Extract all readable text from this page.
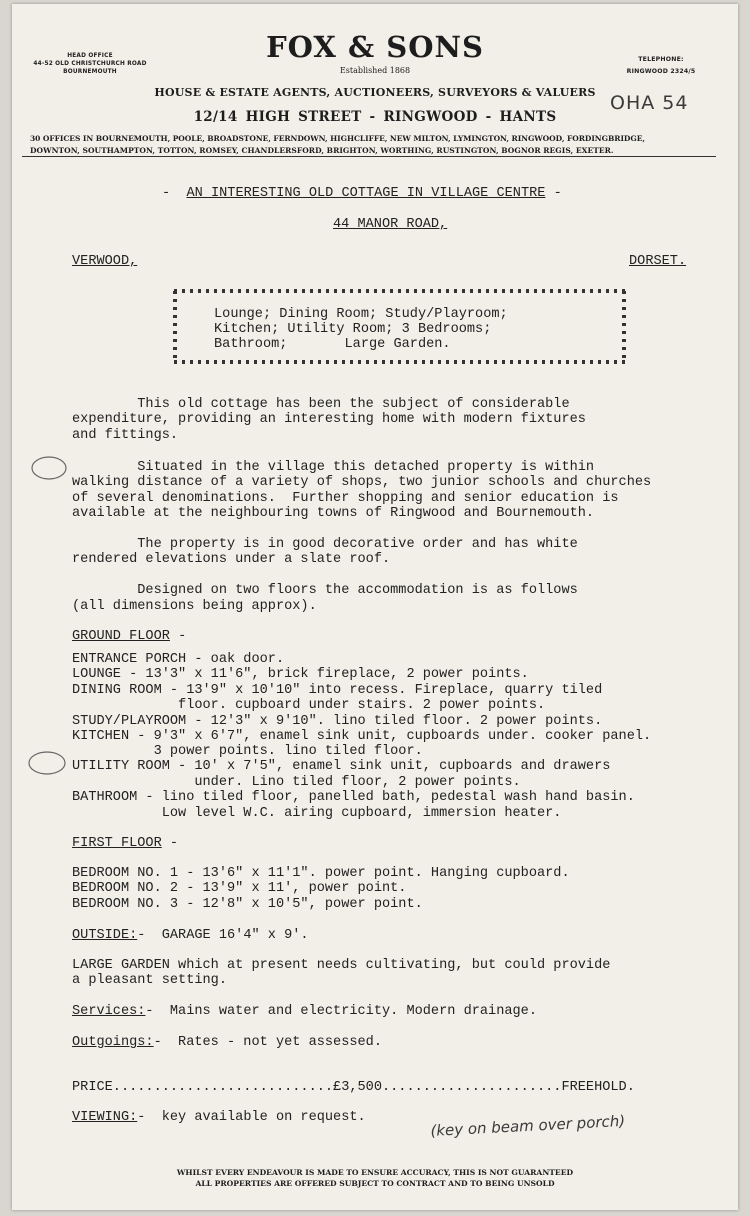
HEAD OFFICE
44-52 OLD CHRISTCHURCH ROAD
BOURNEMOUTH
FOX & SONS
Established 1868
TELEPHONE:
RINGWOOD 2324/5
OHA 54
HOUSE & ESTATE AGENTS, AUCTIONEERS, SURVEYORS & VALUERS
12/14 HIGH STREET - RINGWOOD - HANTS
30 OFFICES IN BOURNEMOUTH, POOLE, BROADSTONE, FERNDOWN, HIGHCLIFFE, NEW MILTON, LYMINGTON, RINGWOOD, FORDINGBRIDGE,
DOWNTON, SOUTHAMPTON, TOTTON, ROMSEY, CHANDLERSFORD, BRIGHTON, WORTHING, RUSTINGTON, BOGNOR REGIS, EXETER.
- AN INTERESTING OLD COTTAGE IN VILLAGE CENTRE -
44 MANOR ROAD,
VERWOOD,	DORSET.
Lounge; Dining Room; Study/Playroom;
Kitchen; Utility Room; 3 Bedrooms;
Bathroom;       Large Garden.
This old cottage has been the subject of considerable
expenditure, providing an interesting home with modern fixtures
and fittings.
Situated in the village this detached property is within
walking distance of a variety of shops, two junior schools and churches
of several denominations.  Further shopping and senior education is
available at the neighbouring towns of Ringwood and Bournemouth.
The property is in good decorative order and has white
rendered elevations under a slate roof.
Designed on two floors the accommodation is as follows
(all dimensions being approx).
GROUND FLOOR -
ENTRANCE PORCH - oak door.
LOUNGE - 13'3" x 11'6", brick fireplace, 2 power points.
DINING ROOM - 13'9" x 10'10" into recess. Fireplace, quarry tiled
floor. cupboard under stairs. 2 power points.
STUDY/PLAYROOM - 12'3" x 9'10". lino tiled floor. 2 power points.
KITCHEN - 9'3" x 6'7", enamel sink unit, cupboards under. cooker panel.
3 power points. lino tiled floor.
UTILITY ROOM - 10' x 7'5", enamel sink unit, cupboards and drawers
under. Lino tiled floor, 2 power points.
BATHROOM - lino tiled floor, panelled bath, pedestal wash hand basin.
Low level W.C. airing cupboard, immersion heater.
FIRST FLOOR -
BEDROOM NO. 1 - 13'6" x 11'1". power point. Hanging cupboard.
BEDROOM NO. 2 - 13'9" x 11', power point.
BEDROOM NO. 3 - 12'8" x 10'5", power point.
OUTSIDE:-  GARAGE 16'4" x 9'.
LARGE GARDEN which at present needs cultivating, but could provide
a pleasant setting.
Services:-  Mains water and electricity. Modern drainage.
Outgoings:-  Rates - not yet assessed.
PRICE...........................£3,500......................FREEHOLD.
VIEWING:-  key available on request.	(key on beam over porch)
WHILST EVERY ENDEAVOUR IS MADE TO ENSURE ACCURACY, THIS IS NOT GUARANTEED
ALL PROPERTIES ARE OFFERED SUBJECT TO CONTRACT AND TO BEING UNSOLD
